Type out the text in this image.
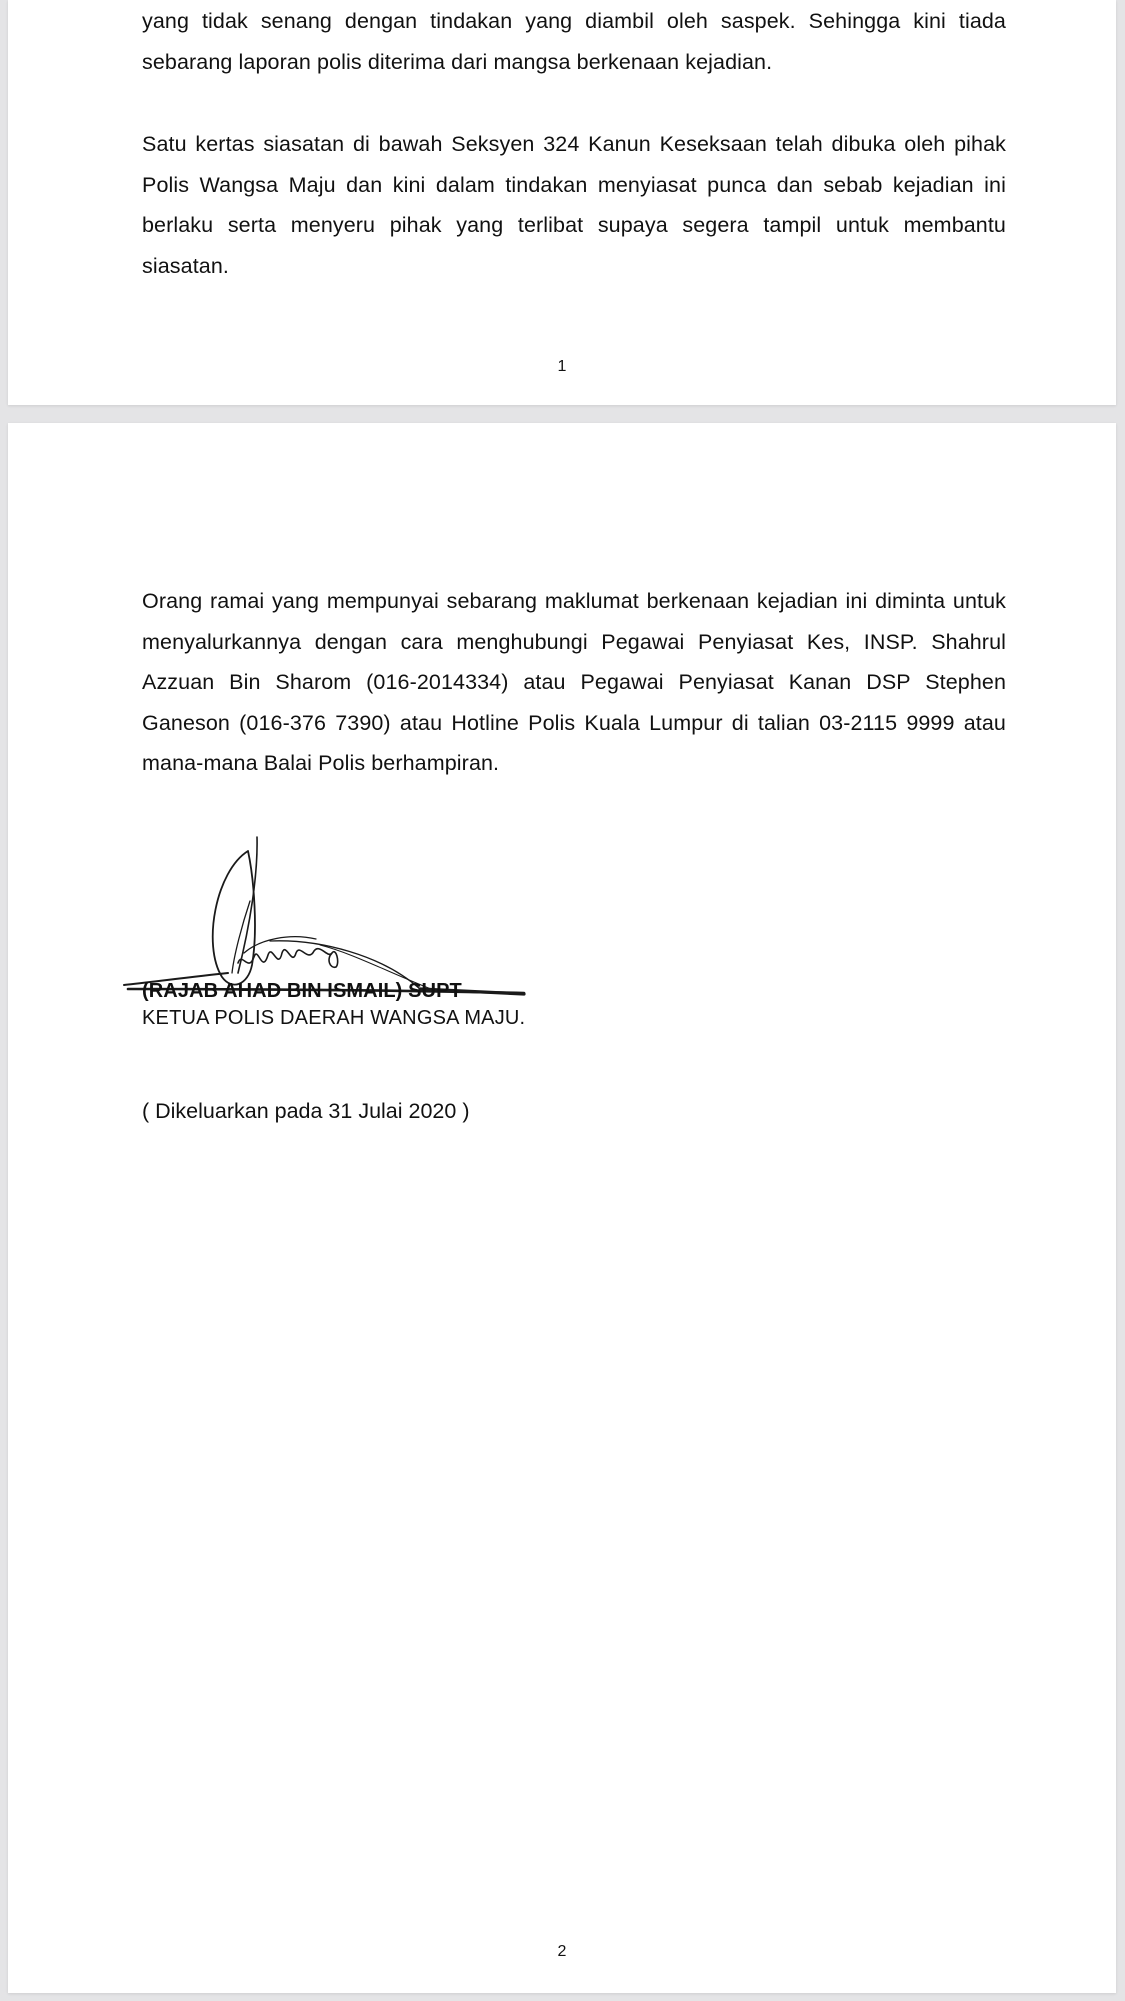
yang tidak senang dengan tindakan yang diambil oleh saspek. Sehingga kini tiada sebarang laporan polis diterima dari mangsa berkenaan kejadian.

Satu kertas siasatan di bawah Seksyen 324 Kanun Keseksaan telah dibuka oleh pihak Polis Wangsa Maju dan kini dalam tindakan menyiasat punca dan sebab kejadian ini berlaku serta menyeru pihak yang terlibat supaya segera tampil untuk membantu siasatan.

1

Orang ramai yang mempunyai sebarang maklumat berkenaan kejadian ini diminta untuk menyalurkannya dengan cara menghubungi Pegawai Penyiasat Kes, INSP. Shahrul Azzuan Bin Sharom (016-2014334) atau Pegawai Penyiasat Kanan DSP Stephen Ganeson (016-376 7390) atau Hotline Polis Kuala Lumpur di talian 03-2115 9999 atau mana-mana Balai Polis berhampiran.

(RAJAB AHAD BIN ISMAIL) SUPT
KETUA POLIS DAERAH WANGSA MAJU.
( Dikeluarkan pada 31 Julai 2020 )
2
